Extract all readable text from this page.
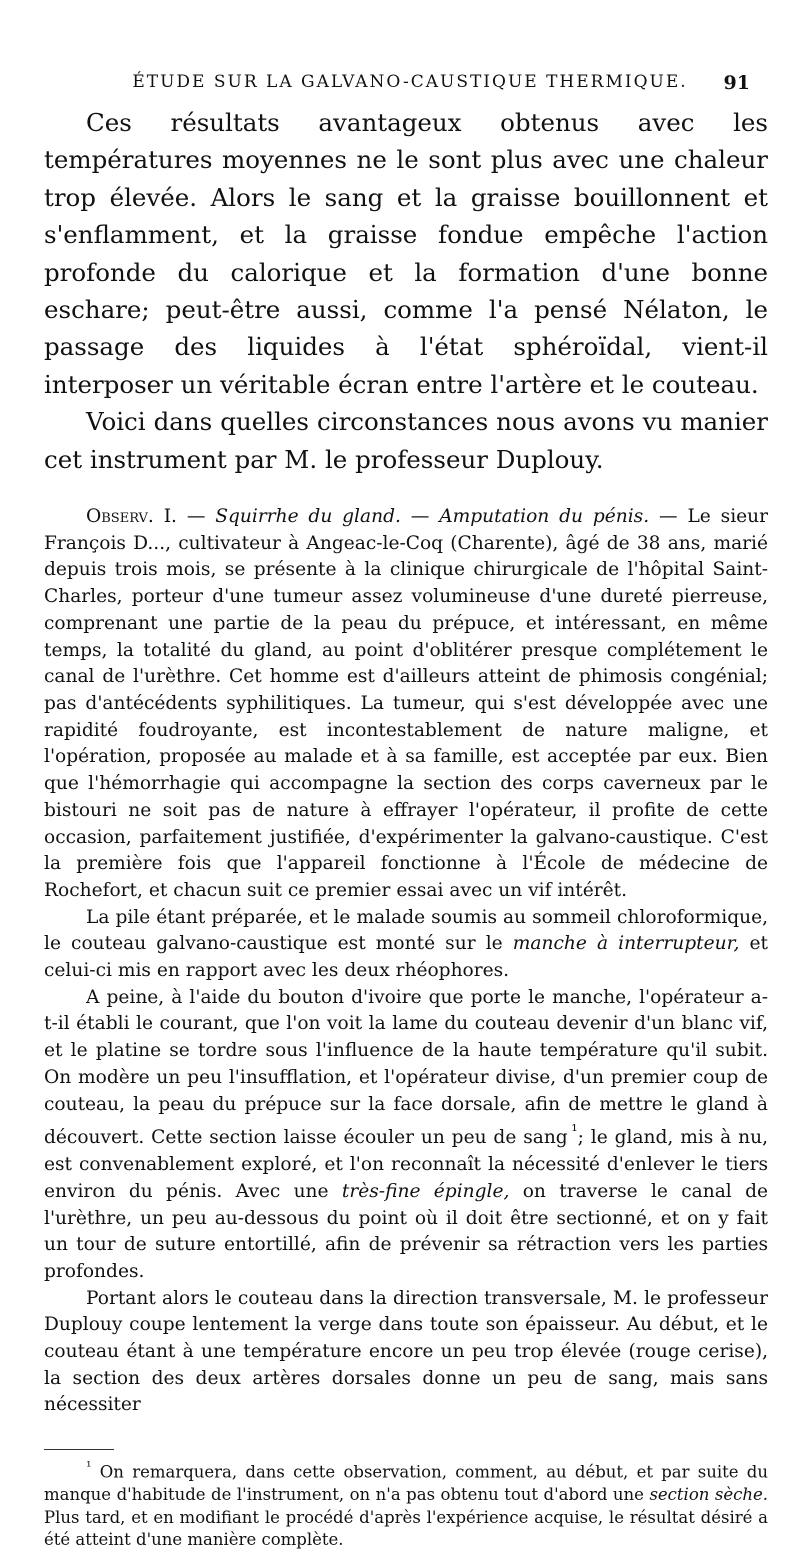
ÉTUDE SUR LA GALVANO-CAUSTIQUE THERMIQUE.	91

Ces résultats avantageux obtenus avec les températures moyennes ne le sont plus avec une chaleur trop élevée. Alors le sang et la graisse bouillonnent et s'enflamment, et la graisse fondue empêche l'action profonde du calorique et la formation d'une bonne eschare; peut-être aussi, comme l'a pensé Nélaton, le passage des liquides à l'état sphéroïdal, vient-il interposer un véritable écran entre l'artère et le couteau.

Voici dans quelles circonstances nous avons vu manier cet instrument par M. le professeur Duplouy.

Observ. I. — Squirrhe du gland. — Amputation du pénis. — Le sieur François D..., cultivateur à Angeac-le-Coq (Charente), âgé de 38 ans, marié depuis trois mois, se présente à la clinique chirurgicale de l'hôpital Saint-Charles, porteur d'une tumeur assez volumineuse d'une dureté pierreuse, comprenant une partie de la peau du prépuce, et intéressant, en même temps, la totalité du gland, au point d'oblitérer presque complétement le canal de l'urèthre. Cet homme est d'ailleurs atteint de phimosis congénial; pas d'antécédents syphilitiques. La tumeur, qui s'est développée avec une rapidité foudroyante, est incontestablement de nature maligne, et l'opération, proposée au malade et à sa famille, est acceptée par eux. Bien que l'hémorrhagie qui accompagne la section des corps caverneux par le bistouri ne soit pas de nature à effrayer l'opérateur, il profite de cette occasion, parfaitement justifiée, d'expérimenter la galvano-caustique. C'est la première fois que l'appareil fonctionne à l'École de médecine de Rochefort, et chacun suit ce premier essai avec un vif intérêt.

La pile étant préparée, et le malade soumis au sommeil chloroformique, le couteau galvano-caustique est monté sur le manche à interrupteur, et celui-ci mis en rapport avec les deux rhéophores.

A peine, à l'aide du bouton d'ivoire que porte le manche, l'opérateur a-t-il établi le courant, que l'on voit la lame du couteau devenir d'un blanc vif, et le platine se tordre sous l'influence de la haute température qu'il subit. On modère un peu l'insufflation, et l'opérateur divise, d'un premier coup de couteau, la peau du prépuce sur la face dorsale, afin de mettre le gland à découvert. Cette section laisse écouler un peu de sang  $^{^1}$; le gland, mis à nu, est convenablement exploré, et l'on reconnaît la nécessité d'enlever le tiers environ du pénis. Avec une très-fine épingle, on traverse le canal de l'urèthre, un peu au-dessous du point où il doit être sectionné, et on y fait un tour de suture entortillé, afin de prévenir sa rétraction vers les parties profondes.

Portant alors le couteau dans la direction transversale, M. le professeur Duplouy coupe lentement la verge dans toute son épaisseur. Au début, et le couteau étant à une température encore un peu trop élevée (rouge cerise), la section des deux artères dorsales donne un peu de sang, mais sans nécessiter

$^{^1}$ On remarquera, dans cette observation, comment, au début, et par suite du manque d'habitude de l'instrument, on n'a pas obtenu tout d'abord une section sèche. Plus tard, et en modifiant le procédé d'après l'expérience acquise, le résultat désiré a été atteint d'une manière complète.
